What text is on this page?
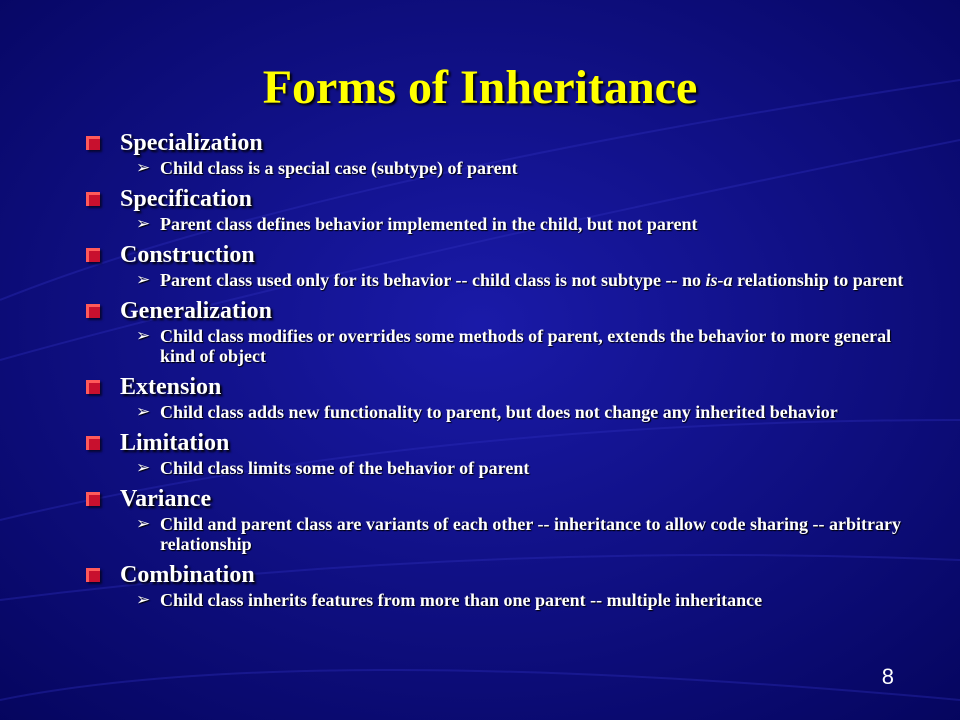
Forms of Inheritance
Specialization
➢ Child class is a special case (subtype) of parent
Specification
➢ Parent class defines behavior implemented in the child, but not parent
Construction
➢ Parent class used only for its behavior -- child class is not subtype -- no is-a relationship to parent
Generalization
➢ Child class modifies or overrides some methods of parent, extends the behavior to more general kind of object
Extension
➢ Child class adds new functionality to parent, but does not change any inherited behavior
Limitation
➢ Child class limits some of the behavior of parent
Variance
➢ Child and parent class are variants of each other -- inheritance to allow code sharing -- arbitrary relationship
Combination
➢ Child class inherits features from more than one parent -- multiple inheritance
8
